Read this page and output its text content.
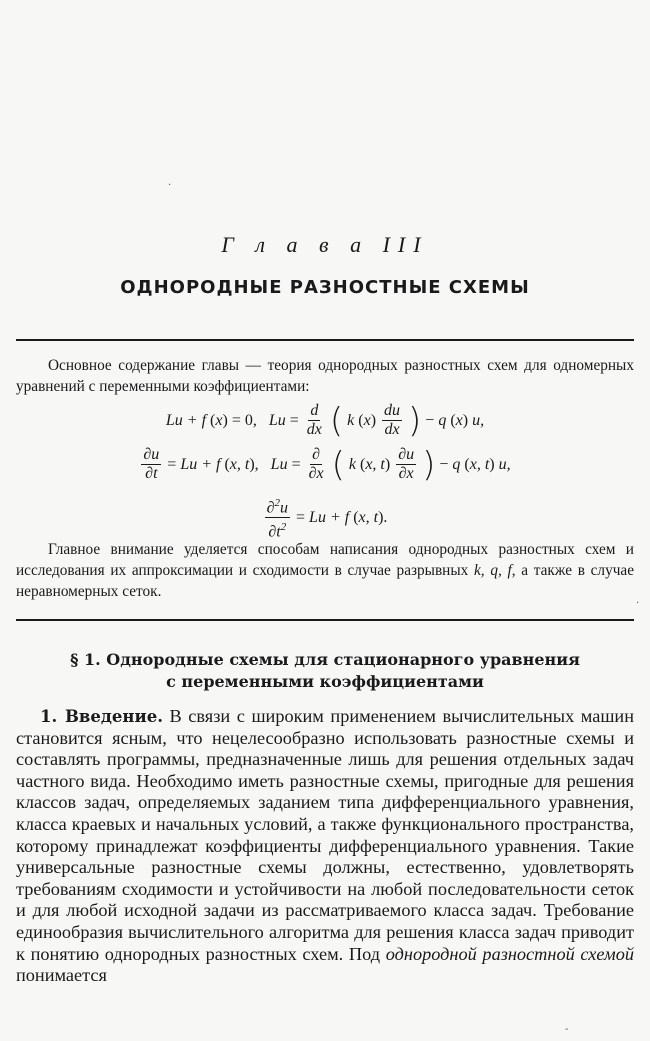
Г л а в а III
ОДНОРОДНЫЕ РАЗНОСТНЫЕ СХЕМЫ
Основное содержание главы — теория однородных разностных схем для одномерных уравнений с переменными коэффициентами:
Lu + f (x) = 0,   $Lu = \frac{d}{dx}$ ( k $(x) \frac{du}{dx}$ ) − q (x) u,
$\frac{\partial u}{\partial t} = Lu + f$ (x, t),   $Lu = \frac{\partial}{\partial x}$ ( k (x, $t) \frac{\partial u}{\partial x}$ ) − q (x, t) u,
$\frac{\partial^2u}{\partial t^2} = Lu + f$ (x, t).
Главное внимание уделяется способам написания однородных разностных схем и исследования их аппроксимации и сходимости в случае разрывных k, q, f, а также в случае неравномерных сеток.
§ 1. Однородные схемы для стационарного уравнения
с переменными коэффициентами
1. Введение. В связи с широким применением вычислительных машин становится ясным, что нецелесообразно использовать разностные схемы и составлять программы, предназначенные лишь для решения отдельных задач частного вида. Необходимо иметь разностные схемы, пригодные для решения классов задач, определяемых заданием типа дифференциального уравнения, класса краевых и начальных условий, а также функционального пространства, которому принадлежат коэффициенты дифференциального уравнения. Такие универсальные разностные схемы должны, естественно, удовлетворять требованиям сходимости и устойчивости на любой последовательности сеток и для любой исходной задачи из рассматриваемого класса задач. Требование единообразия вычислительного алгоритма для решения класса задач приводит к понятию однородных разностных схем. Под однородной разностной схемой понимается
·
·
-
